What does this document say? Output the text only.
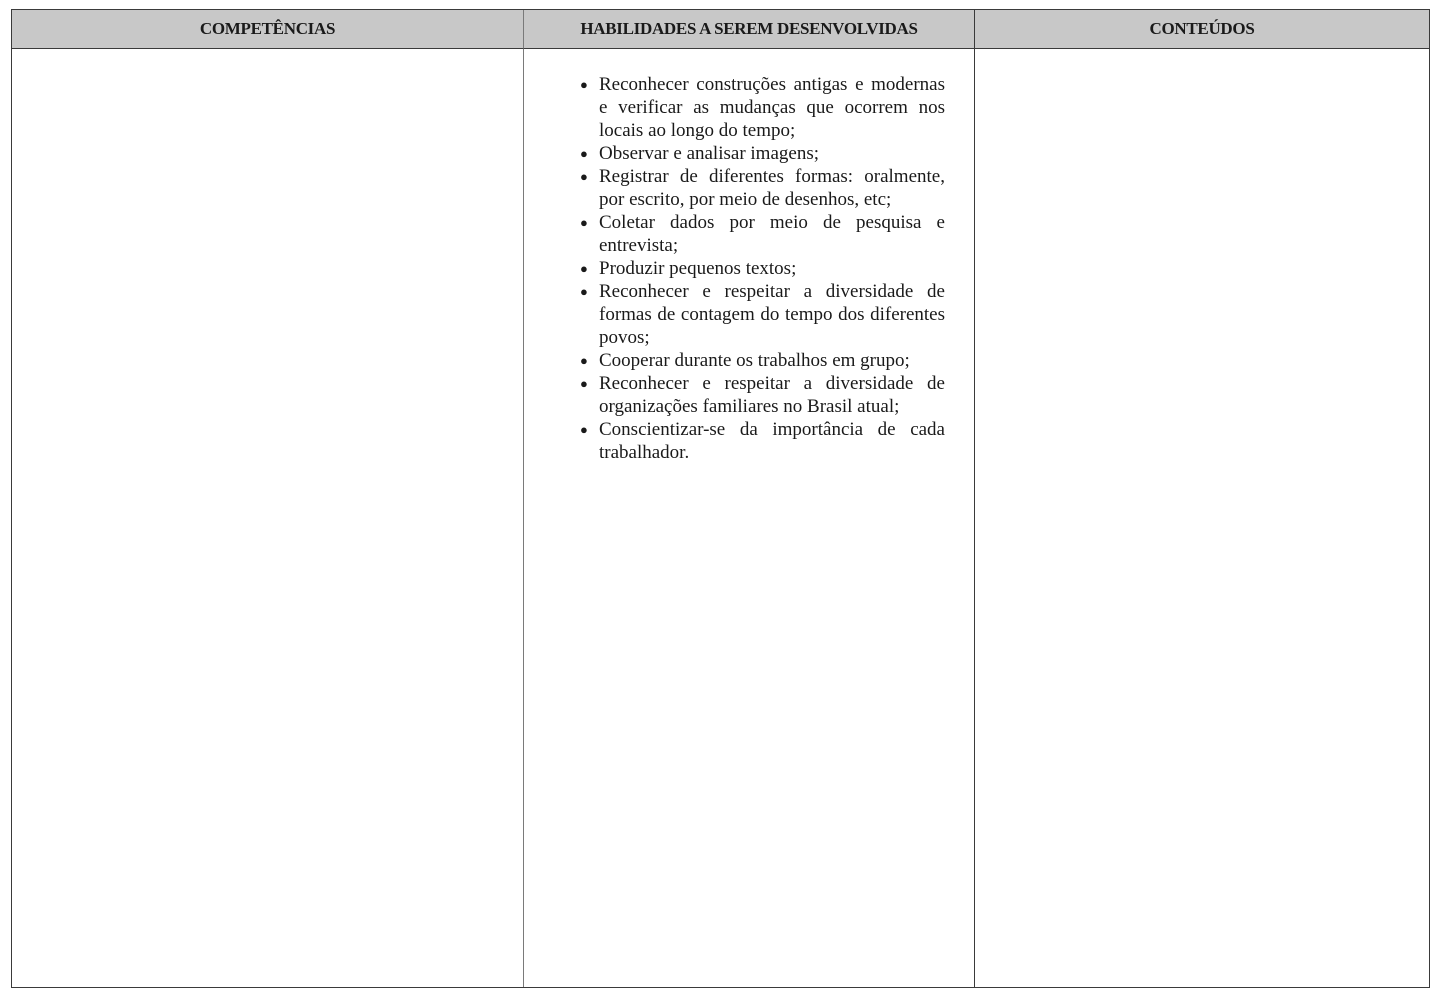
COMPETÊNCIAS	HABILIDADES A SEREM DESENVOLVIDAS	CONTEÚDOS
● Reconhecer construções antigas e modernas e verificar as mudanças que ocorrem nos locais ao longo do tempo;
● Observar e analisar imagens;
● Registrar de diferentes formas: oralmente, por escrito, por meio de desenhos, etc;
● Coletar dados por meio de pesquisa e entrevista;
● Produzir pequenos textos;
● Reconhecer e respeitar a diversidade de formas de contagem do tempo dos diferentes povos;
● Cooperar durante os trabalhos em grupo;
● Reconhecer e respeitar a diversidade de organizações familiares no Brasil atual;
● Conscientizar-se da importância de cada trabalhador.
